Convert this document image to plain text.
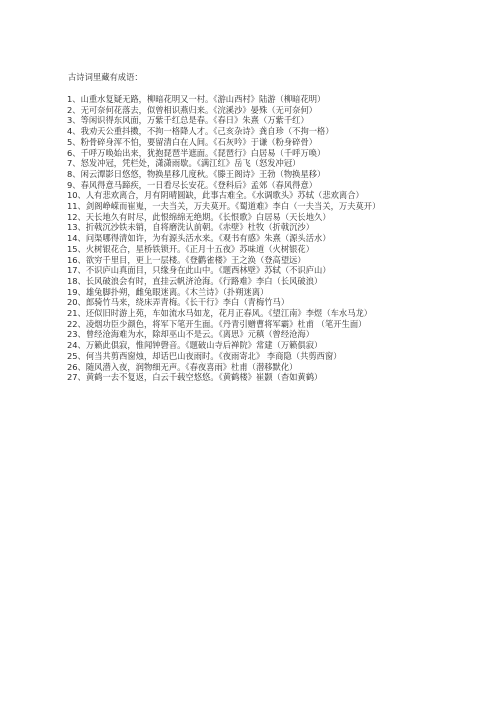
古诗词里藏有成语：

1、山重水复疑无路，柳暗花明又一村。《游山西村》陆游（柳暗花明）

2、无可奈何花落去，似曾相识燕归来。《浣溪沙》晏殊（无可奈何）

3、等闲识得东风面，万紫千红总是春。《春日》朱熹（万紫千红）

4、我劝天公重抖擞，不拘一格降人才。《己亥杂诗》龚自珍（不拘一格）

5、粉骨碎身浑不怕，要留清白在人间。《石灰吟》于谦（粉身碎骨）

6、千呼万唤始出来，犹抱琵琶半遮面。《琵琶行》白居易（千呼万唤）

7、怒发冲冠，凭栏处，潇潇雨歇。《满江红》岳飞（怒发冲冠）

8、闲云潭影日悠悠，物换星移几度秋。《滕王阁诗》王勃（物换星移）

9、春风得意马蹄疾，一日看尽长安花。《登科后》孟郊（春风得意）

10、人有悲欢离合，月有阴晴圆缺，此事古难全。《水调歌头》苏轼（悲欢离合）

11、剑阁峥嵘而崔嵬，一夫当关，万夫莫开。《蜀道难》李白（一夫当关，万夫莫开）

12、天长地久有时尽，此恨绵绵无绝期。《长恨歌》白居易（天长地久）

13、折戟沉沙铁未销，自将磨洗认前朝。《赤壁》杜牧（折戟沉沙）

14、问渠哪得清如许，为有源头活水来。《观书有感》朱熹（源头活水）

15、火树银花合，星桥铁锁开。《正月十五夜》苏味道（火树银花）

16、欲穷千里目，更上一层楼。《登鹳雀楼》王之涣（登高望远）

17、不识庐山真面目，只缘身在此山中。《题西林壁》苏轼（不识庐山）

18、长风破浪会有时，直挂云帆济沧海。《行路难》李白（长风破浪）

19、雄兔脚扑朔，雌兔眼迷离。《木兰诗》（扑朔迷离）

20、郎骑竹马来，绕床弄青梅。《长干行》李白（青梅竹马）

21、还似旧时游上苑，车如流水马如龙，花月正春风。《望江南》李煜（车水马龙）

22、凌烟功臣少颜色，将军下笔开生面。《丹青引赠曹将军霸》杜甫 （笔开生面）

23、曾经沧海难为水，除却巫山不是云。《离思》元稹（曾经沧海）

24、万籁此俱寂，惟闻钟磬音。《题破山寺后禅院》常建（万籁俱寂）

25、何当共剪西窗烛，却话巴山夜雨时。《夜雨寄北》 李商隐（共剪西窗）

26、随风潜入夜，润物细无声。《春夜喜雨》杜甫（潜移默化）

27、黄鹤一去不复返，白云千载空悠悠。《黄鹤楼》崔颢（杳如黄鹤）
